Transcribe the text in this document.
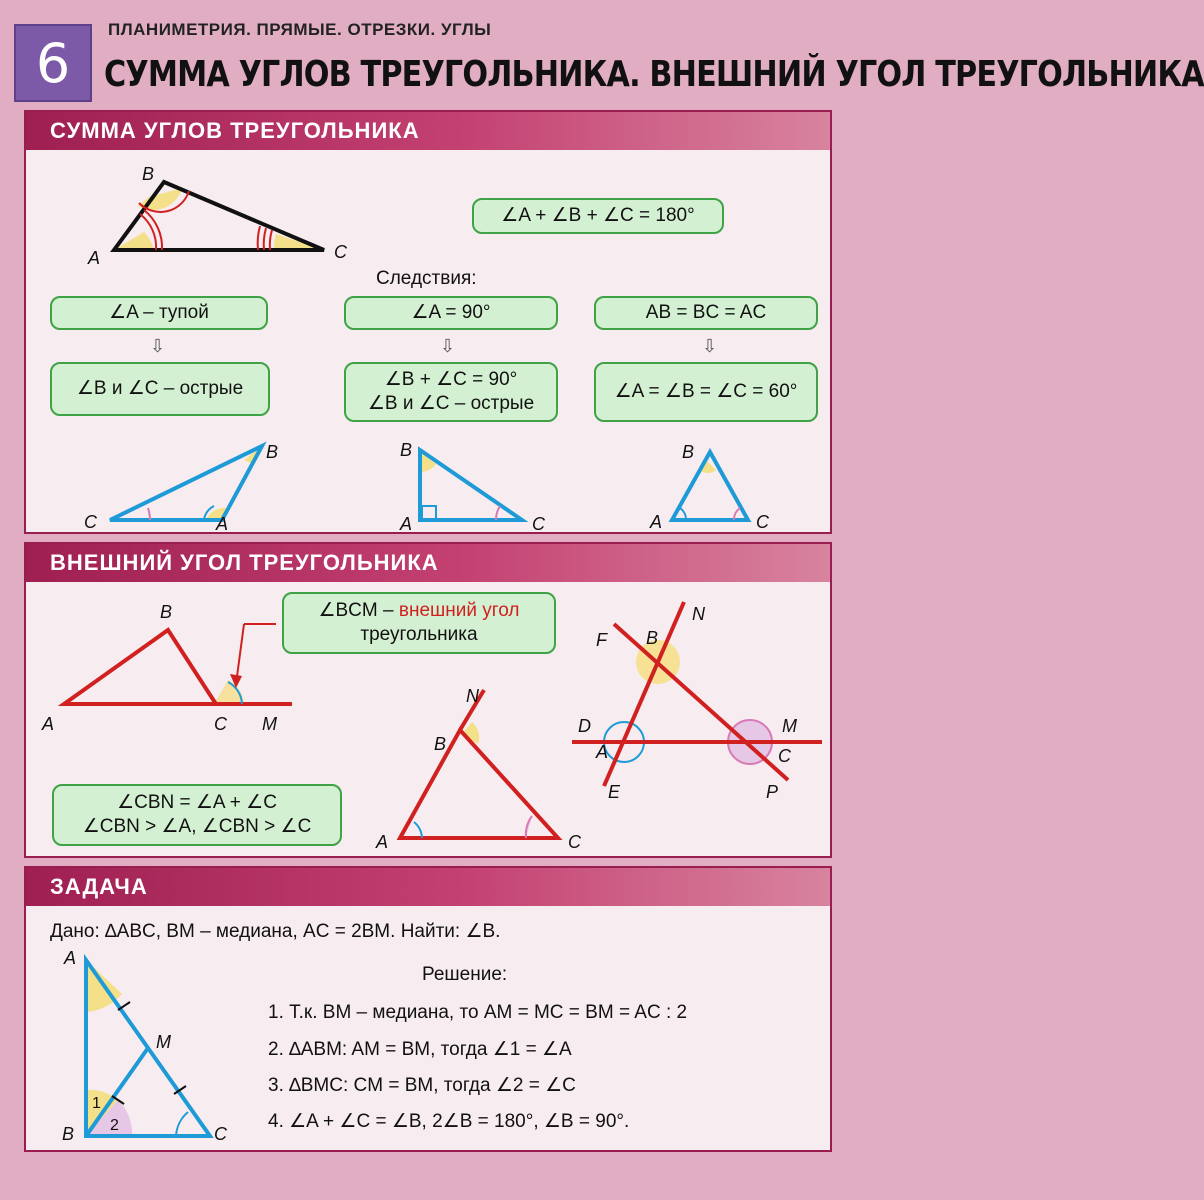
6
ПЛАНИМЕТРИЯ. ПРЯМЫЕ. ОТРЕЗКИ. УГЛЫ
СУММА УГЛОВ ТРЕУГОЛЬНИКА. ВНЕШНИЙ УГОЛ ТРЕУГОЛЬНИКА
СУММА УГЛОВ ТРЕУГОЛЬНИКА
B
A	C
B
C	A
B
A	C
B
A	C
∠A + ∠B + ∠C = 180°
Следствия:
∠A – тупой
⇩
∠B и ∠C – острые
∠A = 90°
⇩
∠B + ∠C = 90°
∠B и ∠C – острые
AB = BC = AC
⇩
∠A = ∠B = ∠C = 60°
ВНЕШНИЙ УГОЛ ТРЕУГОЛЬНИКА
B
A	C M
N
B
A	C
N
F B
D
A
M
C
E	P
∠BCM – внешний угол
треугольника
∠CBN = ∠A + ∠C
∠CBN > ∠A, ∠CBN > ∠C
ЗАДАЧА
Дано: ∆ABC, BM – медиана, AC = 2BM. Найти: ∠B.
Решение:
1. Т.к. BM – медиана, то AM = MC = BM = AC : 2
2. ∆ABM: AM = BM, тогда ∠1 = ∠A
3. ∆BMC: CM = BM, тогда ∠2 = ∠C
4. ∠A + ∠C = ∠B, 2∠B = 180°, ∠B = 90°.
A
M
B	C
1
2
